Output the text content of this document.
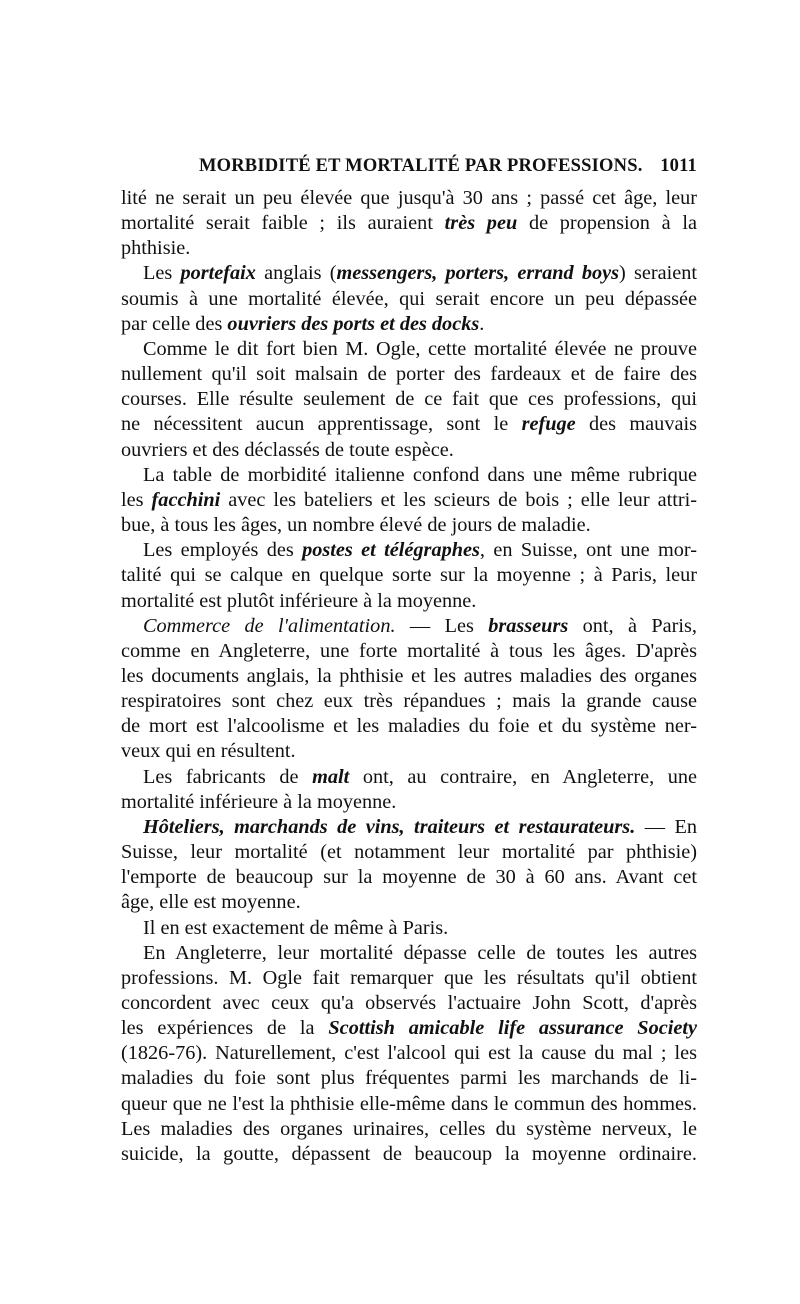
MORBIDITÉ ET MORTALITÉ PAR PROFESSIONS. 1011

lité ne serait un peu élevée que jusqu'à 30 ans ; passé cet âge, leur
mortalité serait faible ; ils auraient très peu de propension à la
phthisie.

  Les portefaix anglais (messengers, porters, errand boys) seraient
soumis à une mortalité élevée, qui serait encore un peu dépassée
par celle des ouvriers des ports et des docks.

  Comme le dit fort bien M. Ogle, cette mortalité élevée ne prouve
nullement qu'il soit malsain de porter des fardeaux et de faire des
courses. Elle résulte seulement de ce fait que ces professions, qui
ne nécessitent aucun apprentissage, sont le refuge des mauvais
ouvriers et des déclassés de toute espèce.

  La table de morbidité italienne confond dans une même rubrique
les facchini avec les bateliers et les scieurs de bois ; elle leur attri-
bue, à tous les âges, un nombre élevé de jours de maladie.

  Les employés des postes et télégraphes, en Suisse, ont une mor-
talité qui se calque en quelque sorte sur la moyenne ; à Paris, leur
mortalité est plutôt inférieure à la moyenne.

  Commerce de l'alimentation. — Les brasseurs ont, à Paris,
comme en Angleterre, une forte mortalité à tous les âges. D'après
les documents anglais, la phthisie et les autres maladies des organes
respiratoires sont chez eux très répandues ; mais la grande cause
de mort est l'alcoolisme et les maladies du foie et du système ner-
veux qui en résultent.

  Les fabricants de malt ont, au contraire, en Angleterre, une
mortalité inférieure à la moyenne.

  Hôteliers, marchands de vins, traiteurs et restaurateurs. — En
Suisse, leur mortalité (et notamment leur mortalité par phthisie)
l'emporte de beaucoup sur la moyenne de 30 à 60 ans. Avant cet
âge, elle est moyenne.

  Il en est exactement de même à Paris.

  En Angleterre, leur mortalité dépasse celle de toutes les autres
professions. M. Ogle fait remarquer que les résultats qu'il obtient
concordent avec ceux qu'a observés l'actuaire John Scott, d'après
les expériences de la Scottish amicable life assurance Society
(1826-76). Naturellement, c'est l'alcool qui est la cause du mal ; les
maladies du foie sont plus fréquentes parmi les marchands de li-
queur que ne l'est la phthisie elle-même dans le commun des hommes.
Les maladies des organes urinaires, celles du système nerveux, le
suicide, la goutte, dépassent de beaucoup la moyenne ordinaire.
